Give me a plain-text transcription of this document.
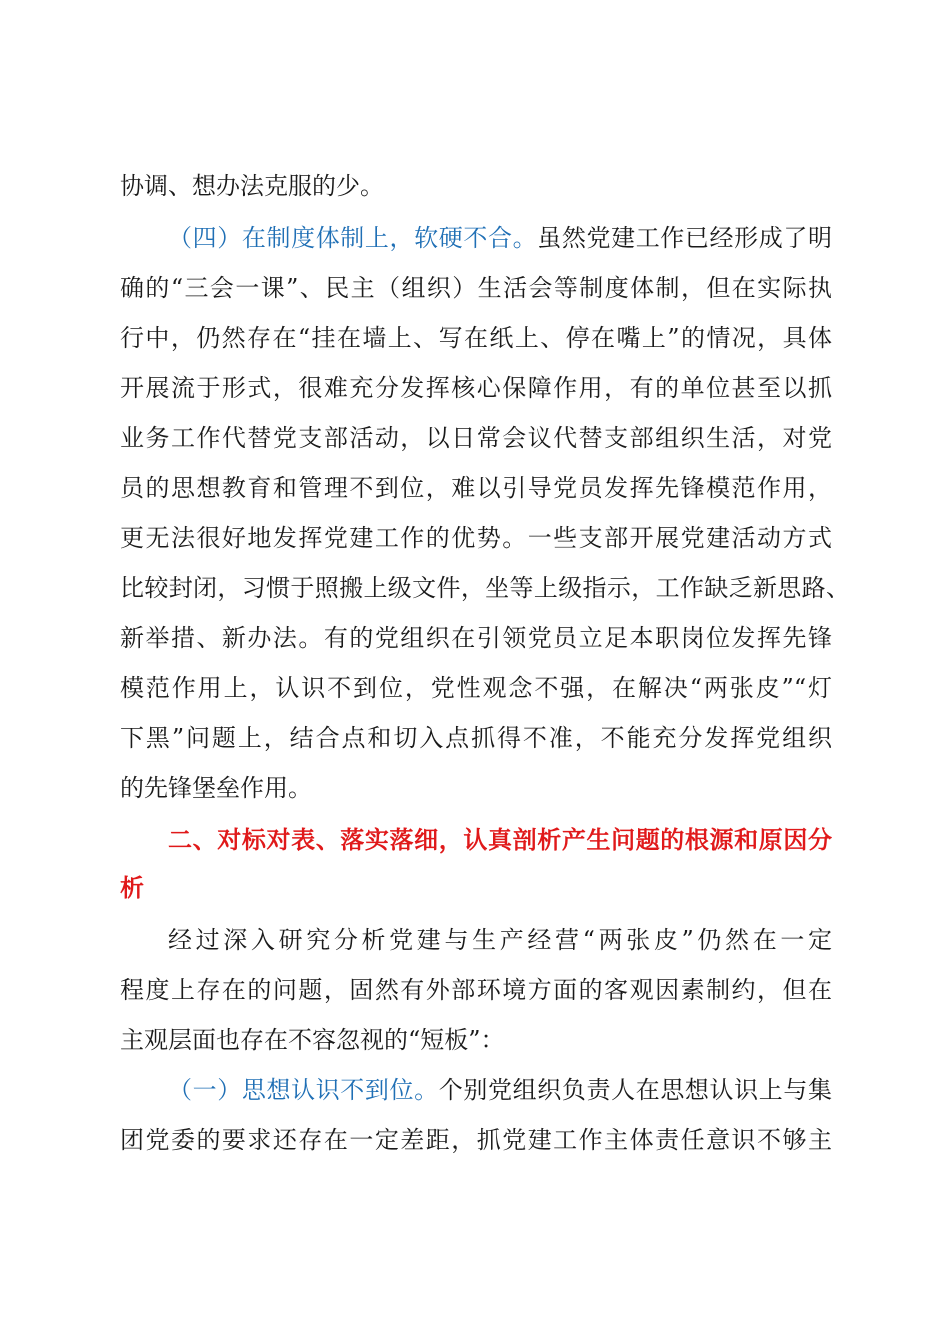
协调、想办法克服的少。
（四）在制度体制上，软硬不合。虽然党建工作已经形成了明
确的“三会一课”、民主（组织）生活会等制度体制，但在实际执
行中，仍然存在“挂在墙上、写在纸上、停在嘴上”的情况，具体
开展流于形式，很难充分发挥核心保障作用，有的单位甚至以抓
业务工作代替党支部活动，以日常会议代替支部组织生活，对党
员的思想教育和管理不到位，难以引导党员发挥先锋模范作用，
更无法很好地发挥党建工作的优势。一些支部开展党建活动方式
比较封闭，习惯于照搬上级文件，坐等上级指示，工作缺乏新思路、
新举措、新办法。有的党组织在引领党员立足本职岗位发挥先锋
模范作用上，认识不到位，党性观念不强，在解决“两张皮”“灯
下黑”问题上，结合点和切入点抓得不准，不能充分发挥党组织
的先锋堡垒作用。
二、对标对表、落实落细，认真剖析产生问题的根源和原因分
析
经过深入研究分析党建与生产经营“两张皮”仍然在一定
程度上存在的问题，固然有外部环境方面的客观因素制约，但在
主观层面也存在不容忽视的“短板”：
（一）思想认识不到位。个别党组织负责人在思想认识上与集
团党委的要求还存在一定差距，抓党建工作主体责任意识不够主
